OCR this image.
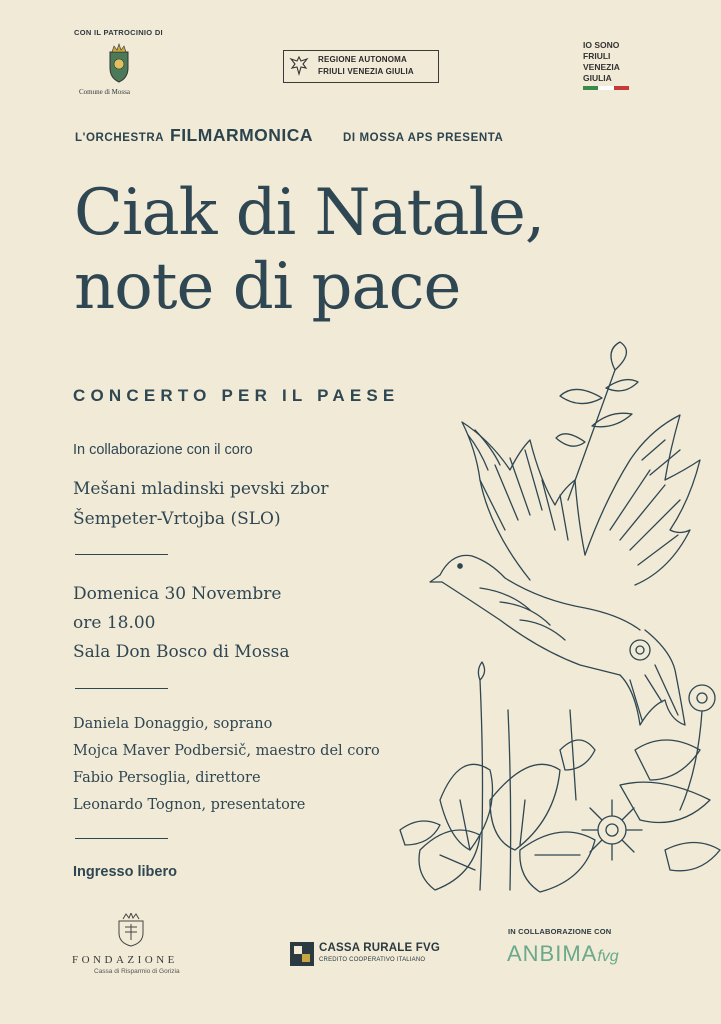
CON IL PATROCINIO DI
Comune di Mossa
REGIONE AUTONOMA
FRIULI VENEZIA GIULIA
IO SONO
FRIULI
VENEZIA
GIULIA
L'ORCHESTRA FILMARMONICA	DI MOSSA APS PRESENTA
Ciak di Natale,
note di pace
CONCERTO PER IL PAESE
In collaborazione con il coro
Mešani mladinski pevski zbor
Šempeter-Vrtojba (SLO)
Domenica 30 Novembre
ore 18.00
Sala Don Bosco di Mossa
Daniela Donaggio, soprano
Mojca Maver Podbersič, maestro del coro
Fabio Persoglia, direttore
Leonardo Tognon, presentatore
Ingresso libero
FONDAZIONE
Cassa di Risparmio di Gorizia
CASSA RURALE FVG
CREDITO COOPERATIVO ITALIANO
IN COLLABORAZIONE CON
ANBIMAfvg
